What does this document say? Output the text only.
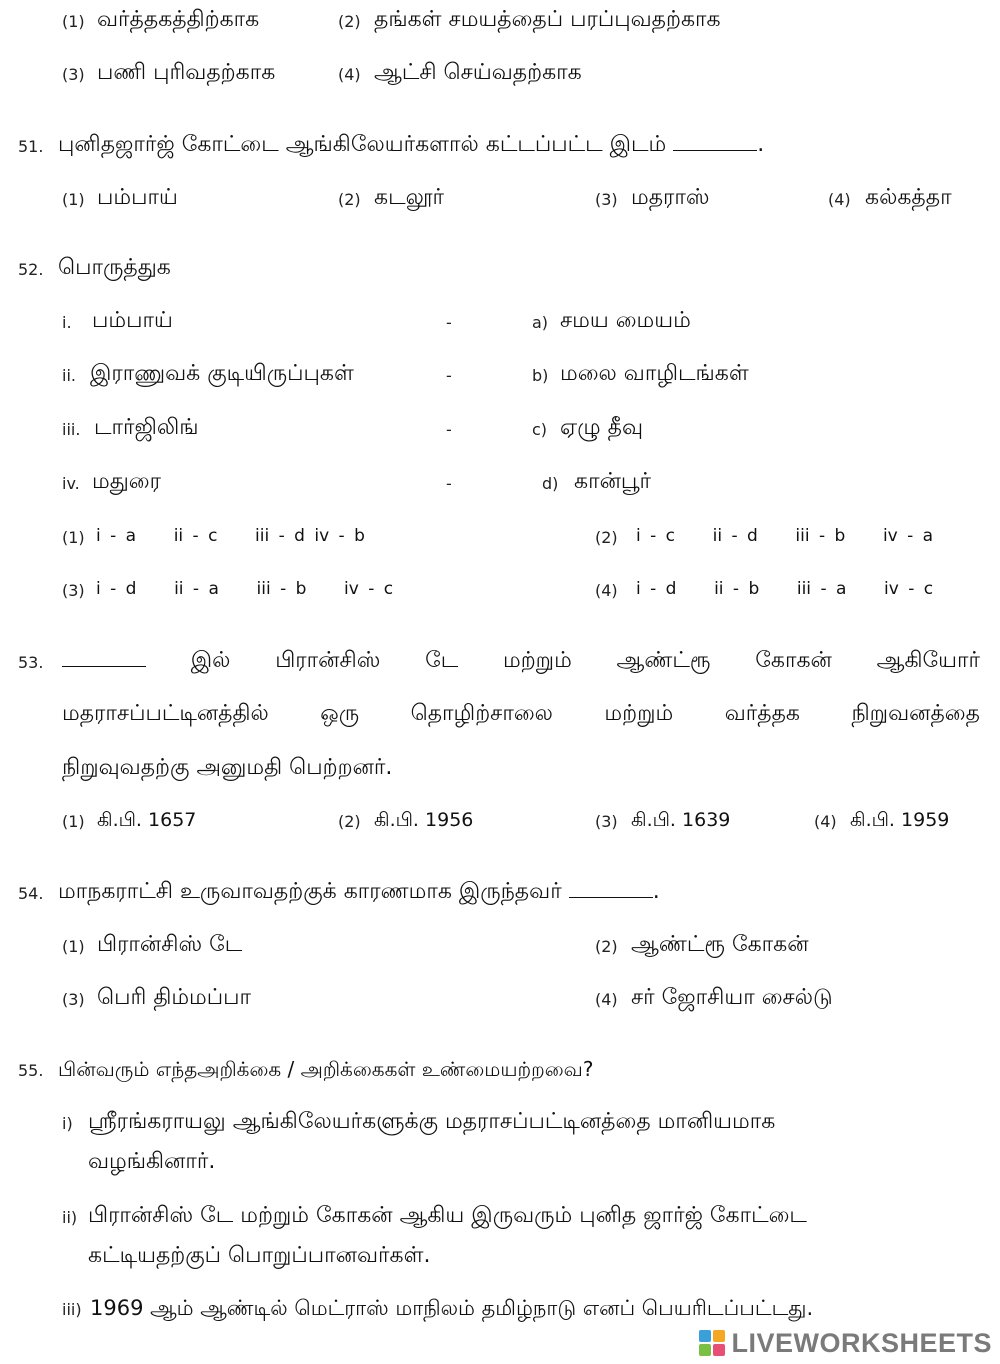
(1) வர்த்தகத்திற்காக	(2) தங்கள் சமயத்தைப் பரப்புவதற்காக
(3) பணி புரிவதற்காக	(4) ஆட்சி செய்வதற்காக
51. புனிதஜார்ஜ் கோட்டை ஆங்கிலேயர்களால் கட்டப்பட்ட இடம்	.
(1) பம்பாய்	(2) கடலூர்	(3) மதராஸ்	(4) கல்கத்தா
52. பொருத்துக
i. பம்பாய்	-	a) சமய மையம்
ii. இராணுவக் குடியிருப்புகள்	-	b) மலை வாழிடங்கள்
iii. டார்ஜிலிங்	-	c) ஏழு தீவு
iv. மதுரை	-	d) கான்பூர்
(1) i - a    ii - c    iii - d iv - b	(2) i - c    ii - d    iii - b    iv - a
(3) i - d    ii - a    iii - b    iv - c	(4) i - d    ii - b    iii - a    iv - c
53.	இல் பிரான்சிஸ் டே மற்றும் ஆண்ட்ரூ கோகன் ஆகியோர்
மதராசப்பட்டினத்தில் ஒரு தொழிற்சாலை மற்றும் வர்த்தக நிறுவனத்தை
நிறுவுவதற்கு அனுமதி பெற்றனர்.
(1) கி.பி. 1657	(2) கி.பி. 1956	(3) கி.பி. 1639	(4) கி.பி. 1959
54. மாநகராட்சி உருவாவதற்குக் காரணமாக இருந்தவர்	.
(1) பிரான்சிஸ் டே	(2) ஆண்ட்ரூ கோகன்
(3) பெரி திம்மப்பா	(4) சர் ஜோசியா சைல்டு
55. பின்வரும் எந்தஅறிக்கை / அறிக்கைகள் உண்மையற்றவை?
i) ஸ்ரீரங்கராயலு ஆங்கிலேயர்களுக்கு மதராசப்பட்டினத்தை மானியமாக
வழங்கினார்.
ii) பிரான்சிஸ் டே மற்றும் கோகன் ஆகிய இருவரும் புனித ஜார்ஜ் கோட்டை
கட்டியதற்குப் பொறுப்பானவர்கள்.
iii) 1969 ஆம் ஆண்டில் மெட்ராஸ் மாநிலம் தமிழ்நாடு எனப் பெயரிடப்பட்டது.
LIVEWORKSHEETS
